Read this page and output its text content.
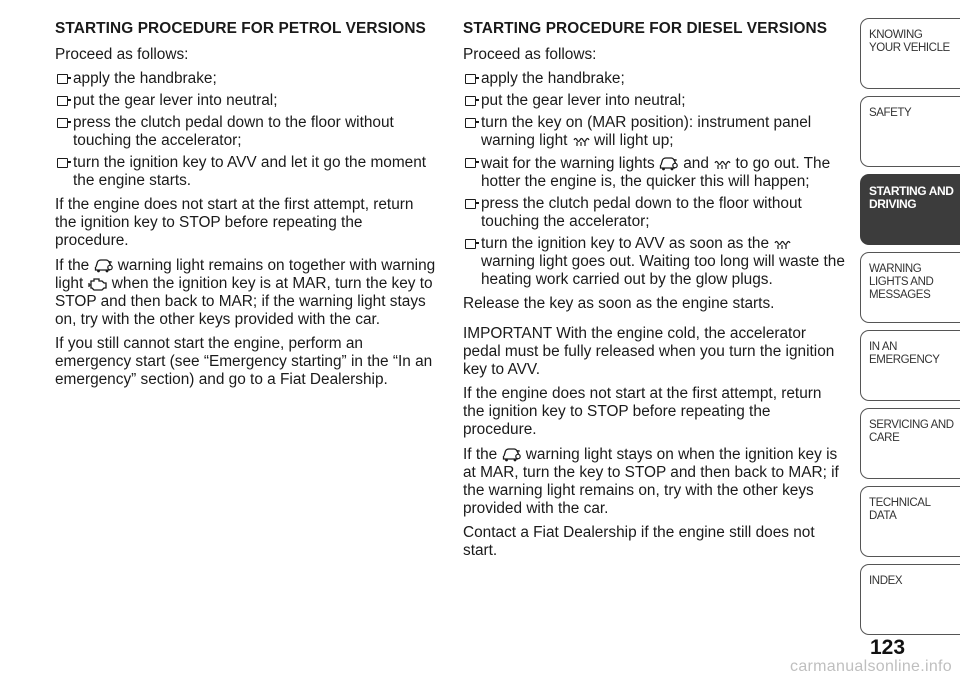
STARTING PROCEDURE FOR PETROL VERSIONS

Proceed as follows:

apply the handbrake;
put the gear lever into neutral;
press the clutch pedal down to the floor without touching the accelerator;
turn the ignition key to AVV and let it go the moment the engine starts.

If the engine does not start at the first attempt, return the ignition key to STOP before repeating the procedure.

If the warning light remains on together with warning light when the ignition key is at MAR, turn the key to STOP and then back to MAR; if the warning light stays on, try with the other keys provided with the car.

If you still cannot start the engine, perform an emergency start (see “Emergency starting” in the “In an emergency” section) and go to a Fiat Dealership.

STARTING PROCEDURE FOR DIESEL VERSIONS

Proceed as follows:

apply the handbrake;
put the gear lever into neutral;
turn the key on (MAR position): instrument panel warning light will light up;
wait for the warning lights and to go out. The hotter the engine is, the quicker this will happen;
press the clutch pedal down to the floor without touching the accelerator;
turn the ignition key to AVV as soon as the  warning light goes out. Waiting too long will waste the heating work carried out by the glow plugs.

Release the key as soon as the engine starts.

IMPORTANT With the engine cold, the accelerator pedal must be fully released when you turn the ignition key to AVV.

If the engine does not start at the first attempt, return the ignition key to STOP before repeating the procedure.

If the warning light stays on when the ignition key is at MAR, turn the key to STOP and then back to MAR; if the warning light remains on, try with the other keys provided with the car.

Contact a Fiat Dealership if the engine still does not start.

KNOWING YOUR VEHICLE
SAFETY
STARTING AND DRIVING
WARNING LIGHTS AND MESSAGES
IN AN EMERGENCY
SERVICING AND CARE
TECHNICAL DATA
INDEX
123
carmanualsonline.info
